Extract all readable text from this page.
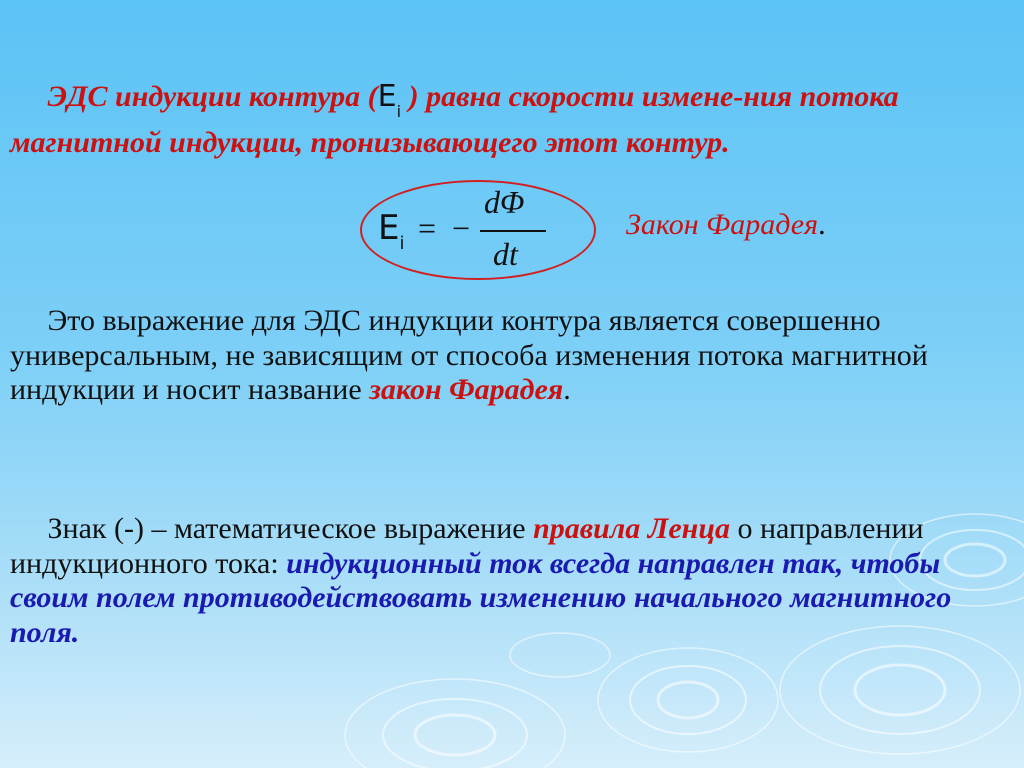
ЭДС индукции контура ($E_i$ ) равна скорости измене-ния потока магнитной индукции, пронизывающего этот контур.

$E_i$ = −
dΦ
dt
Закон Фарадея.

Это выражение для ЭДС индукции контура является совершенно универсальным, не зависящим от способа изменения потока магнитной индукции и носит название закон Фарадея.

Знак (-) – математическое выражение правила Ленца о направлении индукционного тока: индукционный ток всегда направлен так, чтобы своим полем противодействовать изменению начального магнитного поля.
